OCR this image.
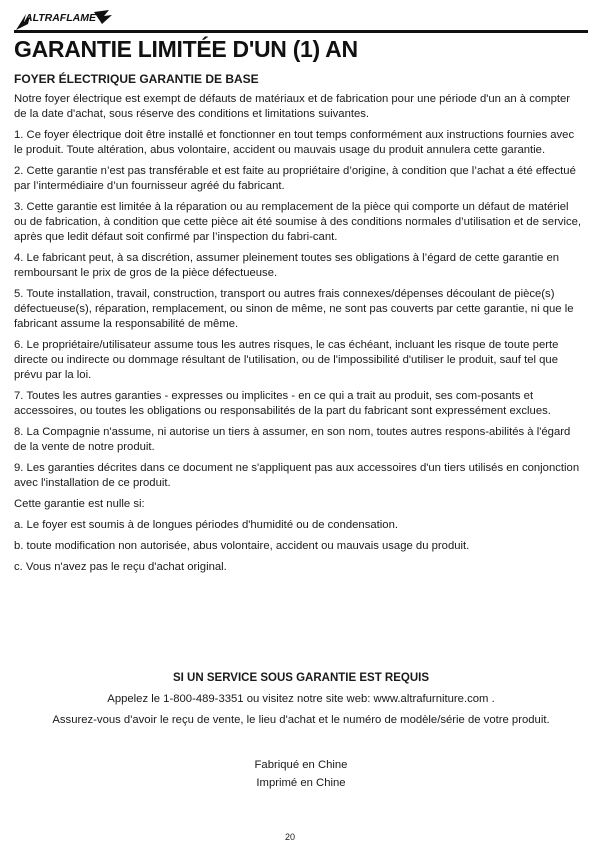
ALTRAFLAME
GARANTIE LIMITÉE D'UN (1) AN
FOYER ÉLECTRIQUE GARANTIE DE BASE

Notre foyer électrique est exempt de défauts de matériaux et de fabrication pour une période d'un an à compter de la date d'achat, sous réserve des conditions et limitations suivantes.

1. Ce foyer électrique doit être installé et fonctionner en tout temps conformément aux instructions fournies avec le produit. Toute altération, abus volontaire, accident ou mauvais usage du produit annulera cette garantie.

2. Cette garantie n’est pas transférable et est faite au propriétaire d’origine, à condition que l’achat a été effectué par l’intermédiaire d’un fournisseur agréé du fabricant.

3. Cette garantie est limitée à la réparation ou au remplacement de la pièce qui comporte un défaut de matériel ou de fabrication, à condition que cette pièce ait été soumise à des conditions normales d’utilisation et de service, après que ledit défaut soit confirmé par l’inspection du fabri-cant.

4. Le fabricant peut, à sa discrétion, assumer pleinement toutes ses obligations à l’égard de cette garantie en remboursant le prix de gros de la pièce défectueuse.

5. Toute installation, travail, construction, transport ou autres frais connexes/dépenses découlant de pièce(s) défectueuse(s), réparation, remplacement, ou sinon de même, ne sont pas couverts par cette garantie, ni que le fabricant assume la responsabilité de même.

6. Le propriétaire/utilisateur assume tous les autres risques, le cas échéant, incluant les risque de toute perte directe ou indirecte ou dommage résultant de l'utilisation, ou de l'impossibilité d'utiliser le produit, sauf tel que prévu par la loi.

7. Toutes les autres garanties - expresses ou implicites - en ce qui a trait au produit, ses com-posants et accessoires, ou toutes les obligations ou responsabilités de la part du fabricant sont expressément exclues.

8. La Compagnie n'assume, ni autorise un tiers à assumer, en son nom, toutes autres respons-abilités à l'égard de la vente de notre produit.

9. Les garanties décrites dans ce document ne s'appliquent pas aux accessoires d'un tiers utilisés en conjonction avec l'installation de ce produit.

Cette garantie est nulle si:

a. Le foyer est soumis à de longues périodes d'humidité ou de condensation.

b. toute modification non autorisée, abus volontaire, accident ou mauvais usage du produit.

c. Vous n'avez pas le reçu d'achat original.

SI UN SERVICE SOUS GARANTIE EST REQUIS

Appelez le 1-800-489-3351 ou visitez notre site web: www.altrafurniture.com .

Assurez-vous d'avoir le reçu de vente, le lieu d'achat et le numéro de modèle/série de votre produit.

Fabriqué en Chine
Imprimé en Chine
20
